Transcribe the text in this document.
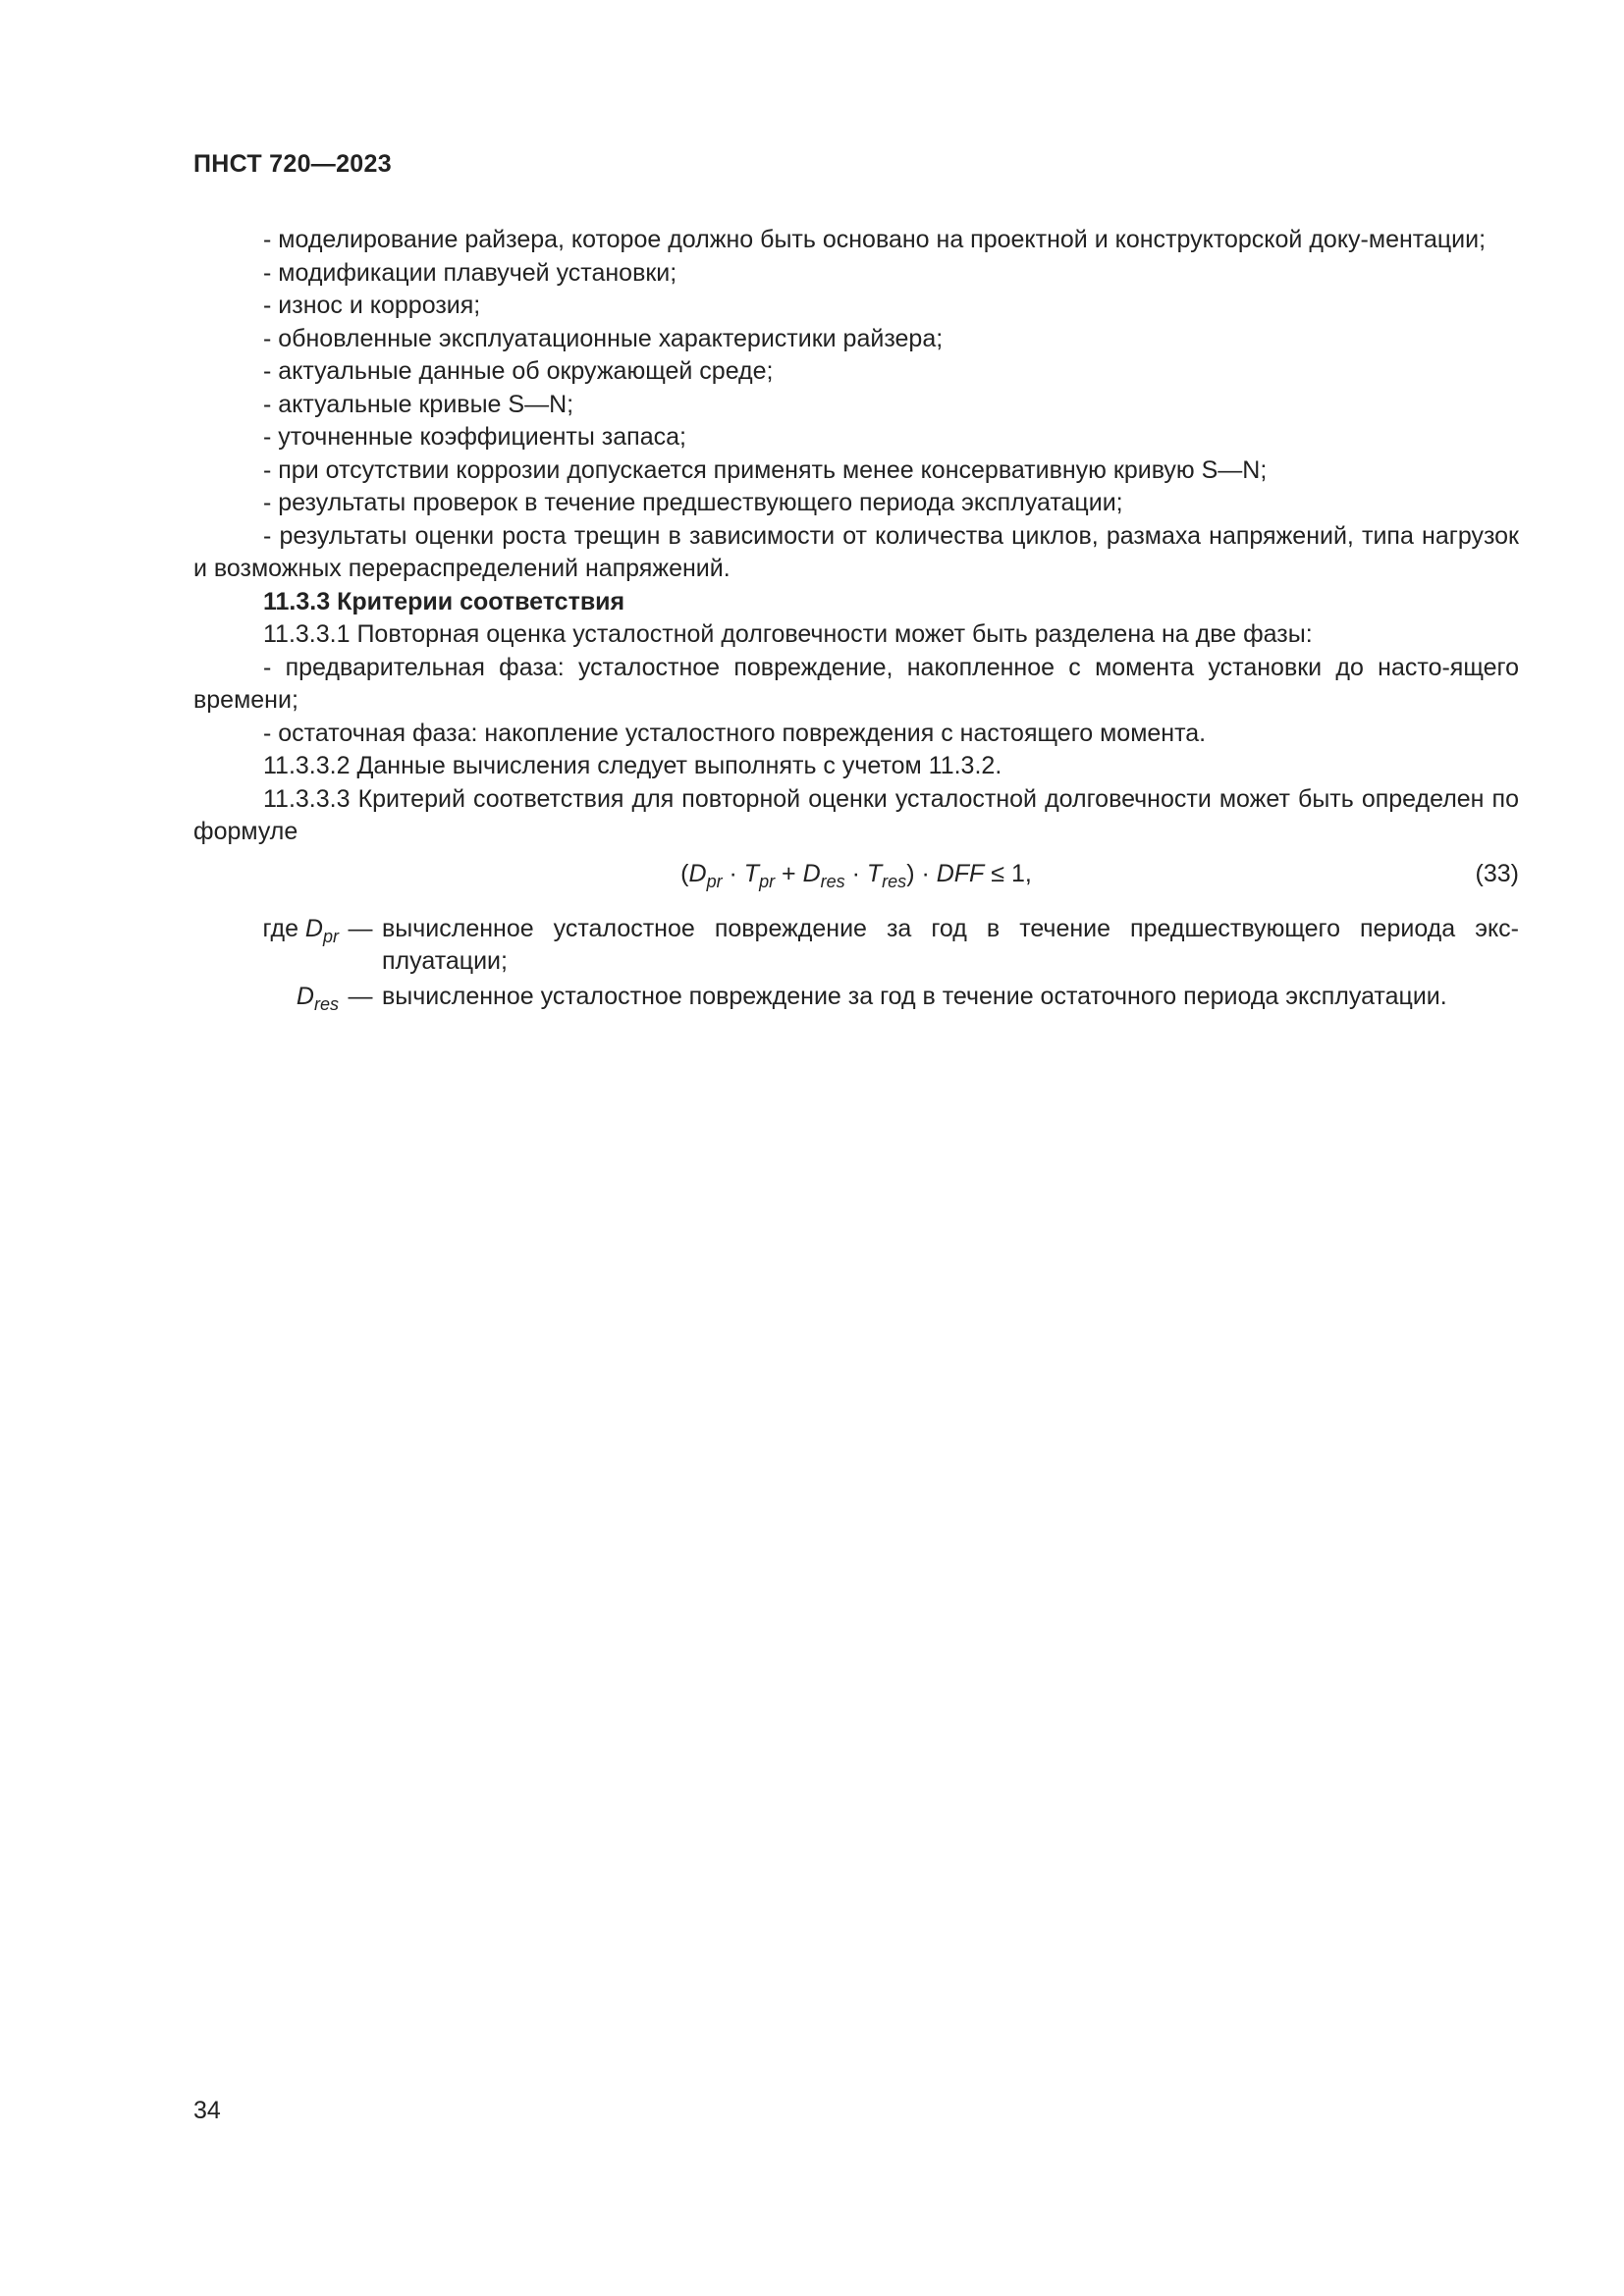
ПНСТ 720—2023

- моделирование райзера, которое должно быть основано на проектной и конструкторской доку-ментации;

- модификации плавучей установки;

- износ и коррозия;

- обновленные эксплуатационные характеристики райзера;

- актуальные данные об окружающей среде;

- актуальные кривые S—N;

- уточненные коэффициенты запаса;

- при отсутствии коррозии допускается применять менее консервативную кривую S—N;

- результаты проверок в течение предшествующего периода эксплуатации;

- результаты оценки роста трещин в зависимости от количества циклов, размаха напряжений, типа нагрузок и возможных перераспределений напряжений.

11.3.3 Критерии соответствия

11.3.3.1 Повторная оценка усталостной долговечности может быть разделена на две фазы:

- предварительная фаза: усталостное повреждение, накопленное с момента установки до насто-ящего времени;

- остаточная фаза: накопление усталостного повреждения с настоящего момента.

11.3.3.2 Данные вычисления следует выполнять с учетом 11.3.2.

11.3.3.3 Критерий соответствия для повторной оценки усталостной долговечности может быть определен по формуле

$(D_{pr} \cdot T_{pr} + D_{res} \cdot T_{res})$ · DFF ≤ 1,	(33)
где $D_{pr}$ — вычисленное усталостное повреждение за год в течение предшествующего периода экс-плуатации;
$D_{res}$ — вычисленное усталостное повреждение за год в течение остаточного периода эксплуатации.
34
